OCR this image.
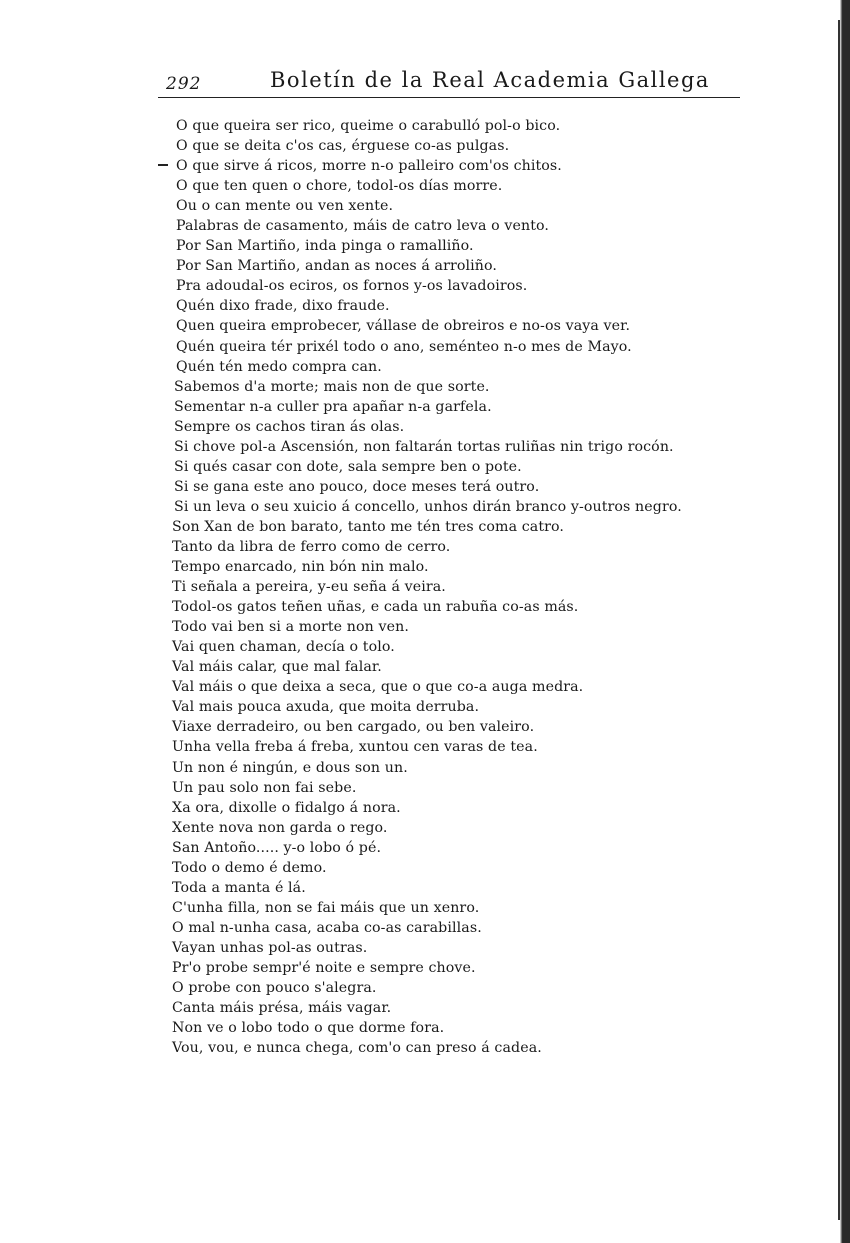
292	Boletín de la Real Academia Gallega
O que queira ser rico, queime o carabulló pol-o bico.
O que se deita c'os cas, érguese co-as pulgas.
O que sirve á ricos, morre n-o palleiro com'os chitos.
O que ten quen o chore, todol-os días morre.
Ou o can mente ou ven xente.
Palabras de casamento, máis de catro leva o vento.
Por San Martiño, inda pinga o ramalliño.
Por San Martiño, andan as noces á arroliño.
Pra adoudal-os eciros, os fornos y-os lavadoiros.
Quén dixo frade, dixo fraude.
Quen queira emprobecer, vállase de obreiros e no-os vaya ver.
Quén queira tér prixél todo o ano, seménteo n-o mes de Mayo.
Quén tén medo compra can.
Sabemos d'a morte; mais non de que sorte.
Sementar n-a culler pra apañar n-a garfela.
Sempre os cachos tiran ás olas.
Si chove pol-a Ascensión, non faltarán tortas ruliñas nin trigo rocón.
Si qués casar con dote, sala sempre ben o pote.
Si se gana este ano pouco, doce meses terá outro.
Si un leva o seu xuicio á concello, unhos dirán branco y-outros negro.
Son Xan de bon barato, tanto me tén tres coma catro.
Tanto da libra de ferro como de cerro.
Tempo enarcado, nin bón nin malo.
Ti señala a pereira, y-eu seña á veira.
Todol-os gatos teñen uñas, e cada un rabuña co-as más.
Todo vai ben si a morte non ven.
Vai quen chaman, decía o tolo.
Val máis calar, que mal falar.
Val máis o que deixa a seca, que o que co-a auga medra.
Val mais pouca axuda, que moita derruba.
Viaxe derradeiro, ou ben cargado, ou ben valeiro.
Unha vella freba á freba, xuntou cen varas de tea.
Un non é ningún, e dous son un.
Un pau solo non fai sebe.
Xa ora, dixolle o fidalgo á nora.
Xente nova non garda o rego.
San Antoño..... y-o lobo ó pé.
Todo o demo é demo.
Toda a manta é lá.
C'unha filla, non se fai máis que un xenro.
O mal n-unha casa, acaba co-as carabillas.
Vayan unhas pol-as outras.
Pr'o probe sempr'é noite e sempre chove.
O probe con pouco s'alegra.
Canta máis présa, máis vagar.
Non ve o lobo todo o que dorme fora.
Vou, vou, e nunca chega, com'o can preso á cadea.
